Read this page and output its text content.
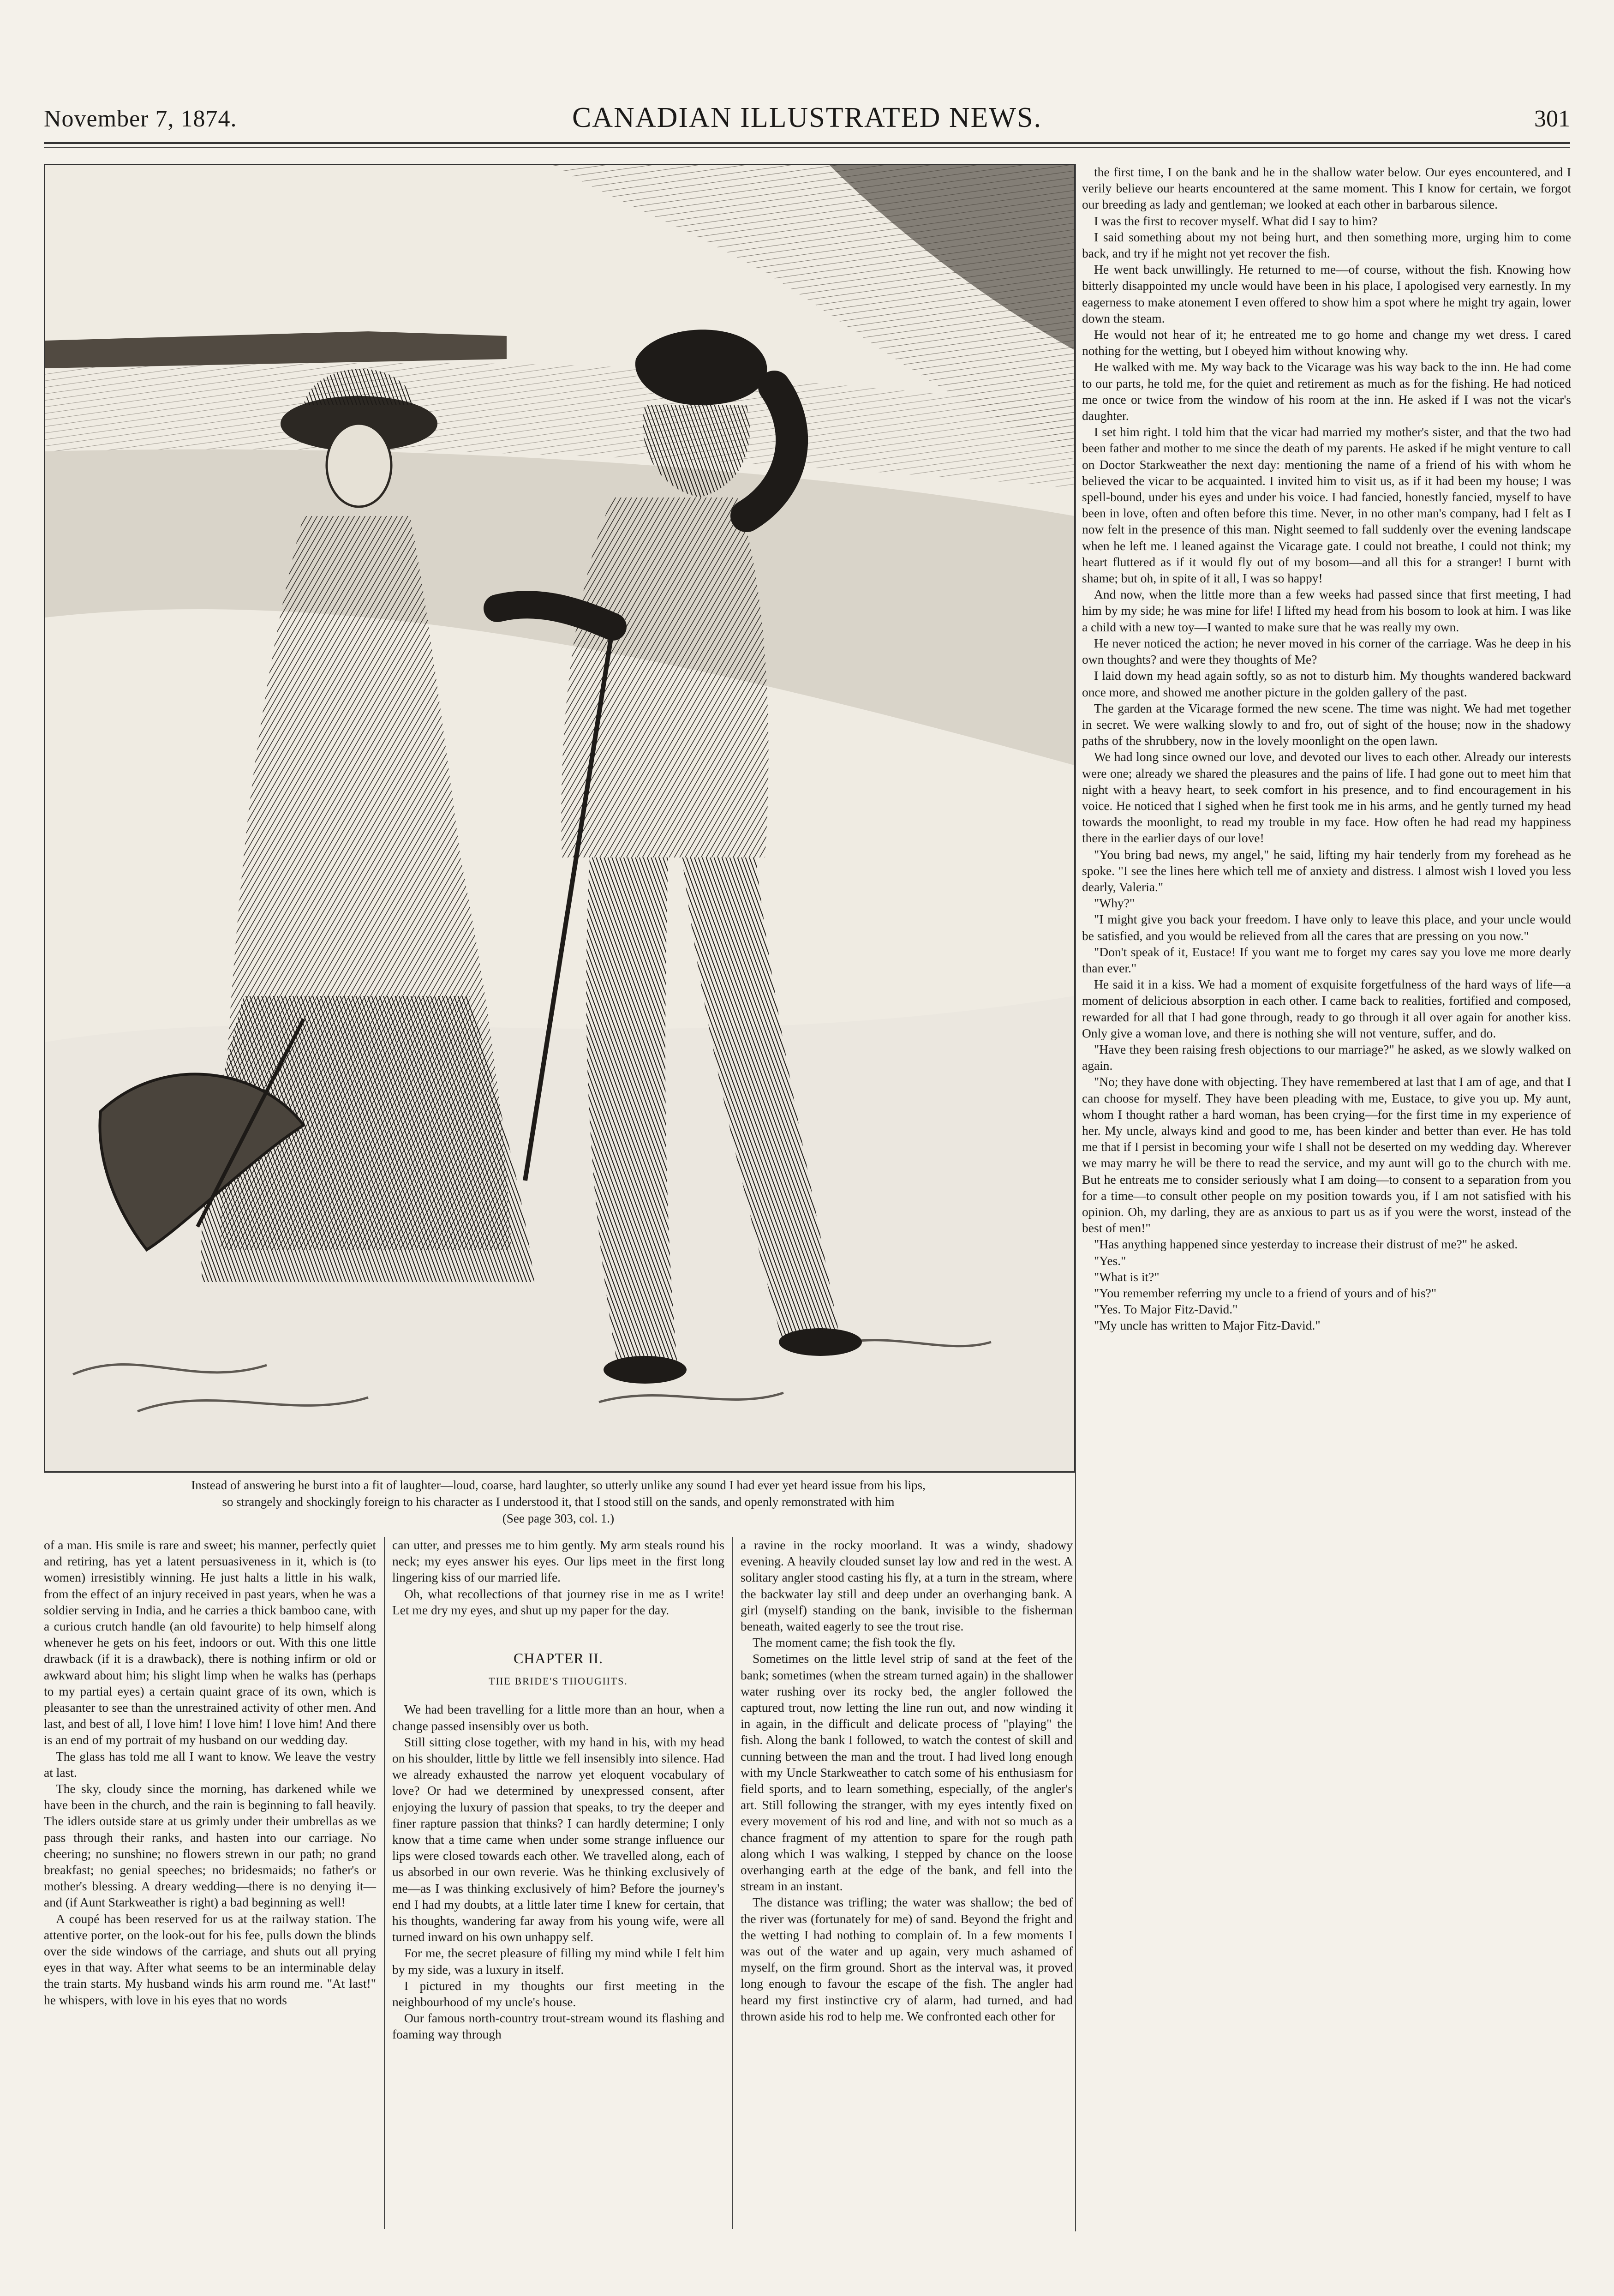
November 7, 1874.	CANADIAN ILLUSTRATED NEWS.	301
Instead of answering he burst into a fit of laughter—loud, coarse, hard laughter, so utterly unlike any sound I had ever yet heard issue from his lips,
so strangely and shockingly foreign to his character as I understood it, that I stood still on the sands, and openly remonstrated with him
(See page 303, col. 1.)

the first time, I on the bank and he in the shallow water below. Our eyes encountered, and I verily believe our hearts encountered at the same moment. This I know for certain, we forgot our breeding as lady and gentleman; we looked at each other in barbarous silence.

I was the first to recover myself. What did I say to him?

I said something about my not being hurt, and then something more, urging him to come back, and try if he might not yet recover the fish.

He went back unwillingly. He returned to me—of course, without the fish. Knowing how bitterly disappointed my uncle would have been in his place, I apologised very earnestly. In my eagerness to make atonement I even offered to show him a spot where he might try again, lower down the steam.

He would not hear of it; he entreated me to go home and change my wet dress. I cared nothing for the wetting, but I obeyed him without knowing why.

He walked with me. My way back to the Vicarage was his way back to the inn. He had come to our parts, he told me, for the quiet and retirement as much as for the fishing. He had noticed me once or twice from the window of his room at the inn. He asked if I was not the vicar's daughter.

I set him right. I told him that the vicar had married my mother's sister, and that the two had been father and mother to me since the death of my parents. He asked if he might venture to call on Doctor Starkweather the next day: mentioning the name of a friend of his with whom he believed the vicar to be acquainted. I invited him to visit us, as if it had been my house; I was spell-bound, under his eyes and under his voice. I had fancied, honestly fancied, myself to have been in love, often and often before this time. Never, in no other man's company, had I felt as I now felt in the presence of this man. Night seemed to fall suddenly over the evening landscape when he left me. I leaned against the Vicarage gate. I could not breathe, I could not think; my heart fluttered as if it would fly out of my bosom—and all this for a stranger! I burnt with shame; but oh, in spite of it all, I was so happy!

And now, when the little more than a few weeks had passed since that first meeting, I had him by my side; he was mine for life! I lifted my head from his bosom to look at him. I was like a child with a new toy—I wanted to make sure that he was really my own.

He never noticed the action; he never moved in his corner of the carriage. Was he deep in his own thoughts? and were they thoughts of Me?

I laid down my head again softly, so as not to disturb him. My thoughts wandered backward once more, and showed me another picture in the golden gallery of the past.

The garden at the Vicarage formed the new scene. The time was night. We had met together in secret. We were walking slowly to and fro, out of sight of the house; now in the shadowy paths of the shrubbery, now in the lovely moonlight on the open lawn.

We had long since owned our love, and devoted our lives to each other. Already our interests were one; already we shared the pleasures and the pains of life. I had gone out to meet him that night with a heavy heart, to seek comfort in his presence, and to find encouragement in his voice. He noticed that I sighed when he first took me in his arms, and he gently turned my head towards the moonlight, to read my trouble in my face. How often he had read my happiness there in the earlier days of our love!

"You bring bad news, my angel," he said, lifting my hair tenderly from my forehead as he spoke. "I see the lines here which tell me of anxiety and distress. I almost wish I loved you less dearly, Valeria."

"Why?"

"I might give you back your freedom. I have only to leave this place, and your uncle would be satisfied, and you would be relieved from all the cares that are pressing on you now."

"Don't speak of it, Eustace! If you want me to forget my cares say you love me more dearly than ever."

He said it in a kiss. We had a moment of exquisite forgetfulness of the hard ways of life—a moment of delicious absorption in each other. I came back to realities, fortified and composed, rewarded for all that I had gone through, ready to go through it all over again for another kiss. Only give a woman love, and there is nothing she will not venture, suffer, and do.

"Have they been raising fresh objections to our marriage?" he asked, as we slowly walked on again.

"No; they have done with objecting. They have remembered at last that I am of age, and that I can choose for myself. They have been pleading with me, Eustace, to give you up. My aunt, whom I thought rather a hard woman, has been crying—for the first time in my experience of her. My uncle, always kind and good to me, has been kinder and better than ever. He has told me that if I persist in becoming your wife I shall not be deserted on my wedding day. Wherever we may marry he will be there to read the service, and my aunt will go to the church with me. But he entreats me to consider seriously what I am doing—to consent to a separation from you for a time—to consult other people on my position towards you, if I am not satisfied with his opinion. Oh, my darling, they are as anxious to part us as if you were the worst, instead of the best of men!"

"Has anything happened since yesterday to increase their distrust of me?" he asked.

"Yes."

"What is it?"

"You remember referring my uncle to a friend of yours and of his?"

"Yes. To Major Fitz-David."

"My uncle has written to Major Fitz-David."

of a man. His smile is rare and sweet; his manner, perfectly quiet and retiring, has yet a latent persuasiveness in it, which is (to women) irresistibly winning. He just halts a little in his walk, from the effect of an injury received in past years, when he was a soldier serving in India, and he carries a thick bamboo cane, with a curious crutch handle (an old favourite) to help himself along whenever he gets on his feet, indoors or out. With this one little drawback (if it is a drawback), there is nothing infirm or old or awkward about him; his slight limp when he walks has (perhaps to my partial eyes) a certain quaint grace of its own, which is pleasanter to see than the unrestrained activity of other men. And last, and best of all, I love him! I love him! I love him! And there is an end of my portrait of my husband on our wedding day.

The glass has told me all I want to know. We leave the vestry at last.

The sky, cloudy since the morning, has darkened while we have been in the church, and the rain is beginning to fall heavily. The idlers outside stare at us grimly under their umbrellas as we pass through their ranks, and hasten into our carriage. No cheering; no sunshine; no flowers strewn in our path; no grand breakfast; no genial speeches; no bridesmaids; no father's or mother's blessing. A dreary wedding—there is no denying it—and (if Aunt Starkweather is right) a bad beginning as well!

A coupé has been reserved for us at the railway station. The attentive porter, on the look-out for his fee, pulls down the blinds over the side windows of the carriage, and shuts out all prying eyes in that way. After what seems to be an interminable delay the train starts. My husband winds his arm round me. "At last!" he whispers, with love in his eyes that no words

can utter, and presses me to him gently. My arm steals round his neck; my eyes answer his eyes. Our lips meet in the first long lingering kiss of our married life.

Oh, what recollections of that journey rise in me as I write! Let me dry my eyes, and shut up my paper for the day.

CHAPTER II.

THE BRIDE'S THOUGHTS.

We had been travelling for a little more than an hour, when a change passed insensibly over us both.

Still sitting close together, with my hand in his, with my head on his shoulder, little by little we fell insensibly into silence. Had we already exhausted the narrow yet eloquent vocabulary of love? Or had we determined by unexpressed consent, after enjoying the luxury of passion that speaks, to try the deeper and finer rapture passion that thinks? I can hardly determine; I only know that a time came when under some strange influence our lips were closed towards each other. We travelled along, each of us absorbed in our own reverie. Was he thinking exclusively of me—as I was thinking exclusively of him? Before the journey's end I had my doubts, at a little later time I knew for certain, that his thoughts, wandering far away from his young wife, were all turned inward on his own unhappy self.

For me, the secret pleasure of filling my mind while I felt him by my side, was a luxury in itself.

I pictured in my thoughts our first meeting in the neighbourhood of my uncle's house.

Our famous north-country trout-stream wound its flashing and foaming way through

a ravine in the rocky moorland. It was a windy, shadowy evening. A heavily clouded sunset lay low and red in the west. A solitary angler stood casting his fly, at a turn in the stream, where the backwater lay still and deep under an overhanging bank. A girl (myself) standing on the bank, invisible to the fisherman beneath, waited eagerly to see the trout rise.

The moment came; the fish took the fly.

Sometimes on the little level strip of sand at the feet of the bank; sometimes (when the stream turned again) in the shallower water rushing over its rocky bed, the angler followed the captured trout, now letting the line run out, and now winding it in again, in the difficult and delicate process of "playing" the fish. Along the bank I followed, to watch the contest of skill and cunning between the man and the trout. I had lived long enough with my Uncle Starkweather to catch some of his enthusiasm for field sports, and to learn something, especially, of the angler's art. Still following the stranger, with my eyes intently fixed on every movement of his rod and line, and with not so much as a chance fragment of my attention to spare for the rough path along which I was walking, I stepped by chance on the loose overhanging earth at the edge of the bank, and fell into the stream in an instant.

The distance was trifling; the water was shallow; the bed of the river was (fortunately for me) of sand. Beyond the fright and the wetting I had nothing to complain of. In a few moments I was out of the water and up again, very much ashamed of myself, on the firm ground. Short as the interval was, it proved long enough to favour the escape of the fish. The angler had heard my first instinctive cry of alarm, had turned, and had thrown aside his rod to help me. We confronted each other for
